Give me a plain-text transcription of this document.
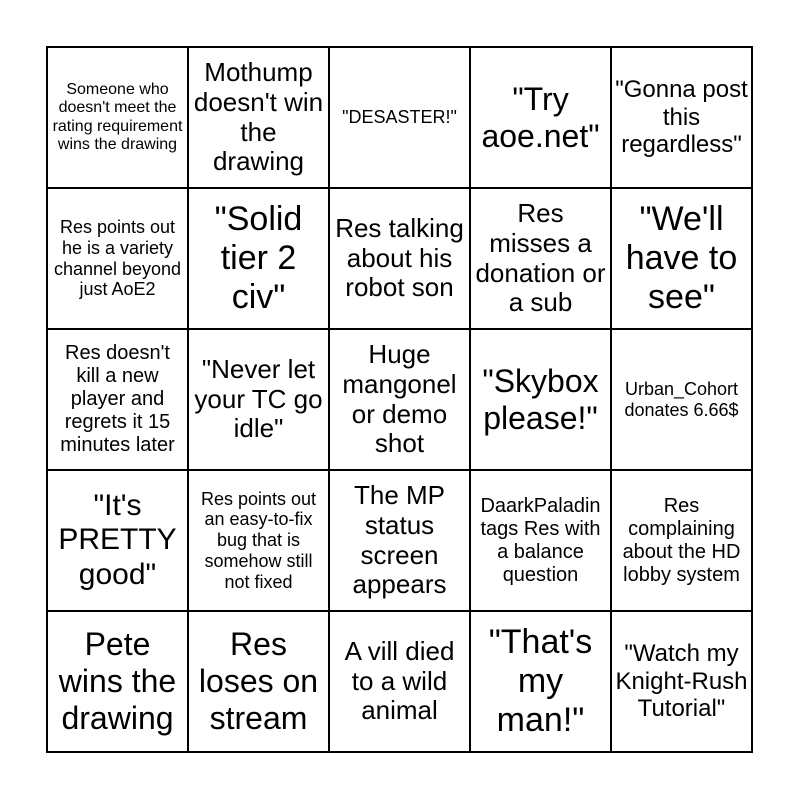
Someone who doesn't meet the rating requirement wins the drawing
Mothump doesn't win the drawing
"DESASTER!"
"Try aoe.net"
"Gonna post this regardless"
Res points out he is a variety channel beyond just AoE2
"Solid tier 2 civ"
Res talking about his robot son
Res misses a donation or a sub
"We'll have to see"
Res doesn't kill a new player and regrets it 15 minutes later
"Never let your TC go idle"
Huge mangonel or demo shot
"Skybox please!"
Urban_Cohort donates 6.66$
"It's PRETTY good"
Res points out an easy-to-fix bug that is somehow still not fixed
The MP status screen appears
DaarkPaladin tags Res with a balance question
Res complaining about the HD lobby system
Pete wins the drawing
Res loses on stream
A vill died to a wild animal
"That's my man!"
"Watch my Knight-Rush Tutorial"
